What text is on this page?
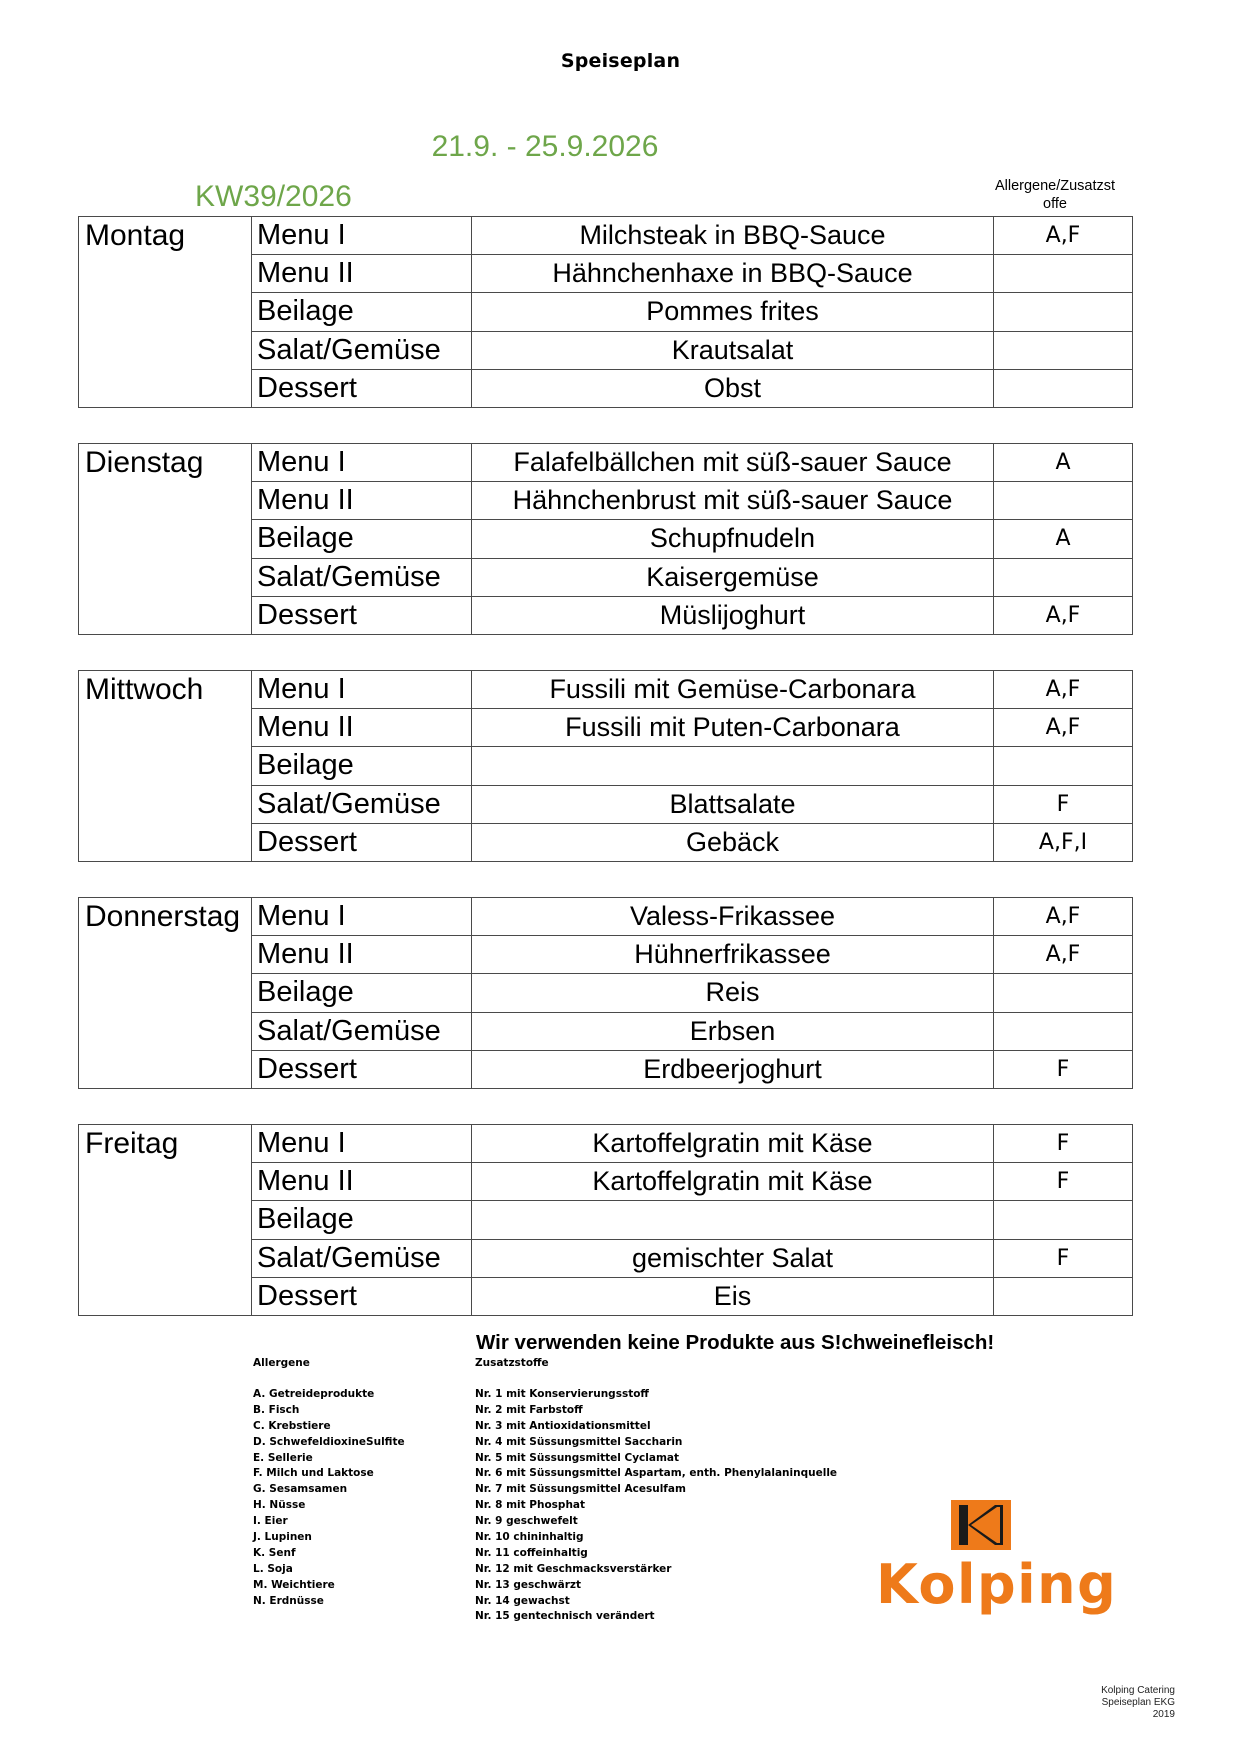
Speiseplan
21.9. - 25.9.2026
KW39/2026	Allergene/Zusatzst offe
Montag	Menu I	Milchsteak in BBQ-Sauce	A,F
	Menu II	Hähnchenhaxe in BBQ-Sauce	
	Beilage	Pommes frites	
	Salat/Gemüse	Krautsalat	
	Dessert	Obst	
Dienstag	Menu I	Falafelbällchen mit süß-sauer Sauce	A
	Menu II	Hähnchenbrust mit süß-sauer Sauce	
	Beilage	Schupfnudeln	A
	Salat/Gemüse	Kaisergemüse	
	Dessert	Müslijoghurt	A,F
Mittwoch	Menu I	Fussili mit Gemüse-Carbonara	A,F
	Menu II	Fussili mit Puten-Carbonara	A,F
	Beilage		
	Salat/Gemüse	Blattsalate	F
	Dessert	Gebäck	A,F,I
Donnerstag	Menu I	Valess-Frikassee	A,F
	Menu II	Hühnerfrikassee	A,F
	Beilage	Reis	
	Salat/Gemüse	Erbsen	
	Dessert	Erdbeerjoghurt	F
Freitag	Menu I	Kartoffelgratin mit Käse	F
	Menu II	Kartoffelgratin mit Käse	F
	Beilage		
	Salat/Gemüse	gemischter Salat	F
	Dessert	Eis	
Wir verwenden keine Produkte aus S!chweinefleisch!
Allergene
A. Getreideprodukte
B. Fisch
C. Krebstiere
D. SchwefeldioxineSulfite
E. Sellerie
F. Milch und Laktose
G. Sesamsamen
H. Nüsse
I. Eier
J. Lupinen
K. Senf
L. Soja
M. Weichtiere
N. Erdnüsse
Zusatzstoffe
Nr. 1 mit Konservierungsstoff
Nr. 2 mit Farbstoff
Nr. 3 mit Antioxidationsmittel
Nr. 4 mit Süssungsmittel Saccharin
Nr. 5 mit Süssungsmittel Cyclamat
Nr. 6 mit Süssungsmittel Aspartam, enth. Phenylalaninquelle
Nr. 7 mit Süssungsmittel Acesulfam
Nr. 8 mit Phosphat
Nr. 9 geschwefelt
Nr. 10 chininhaltig
Nr. 11 coffeinhaltig
Nr. 12 mit Geschmacksverstärker
Nr. 13 geschwärzt
Nr. 14 gewachst
Nr. 15 gentechnisch verändert
Kolping
Kolping Catering
Speiseplan EKG
2019
